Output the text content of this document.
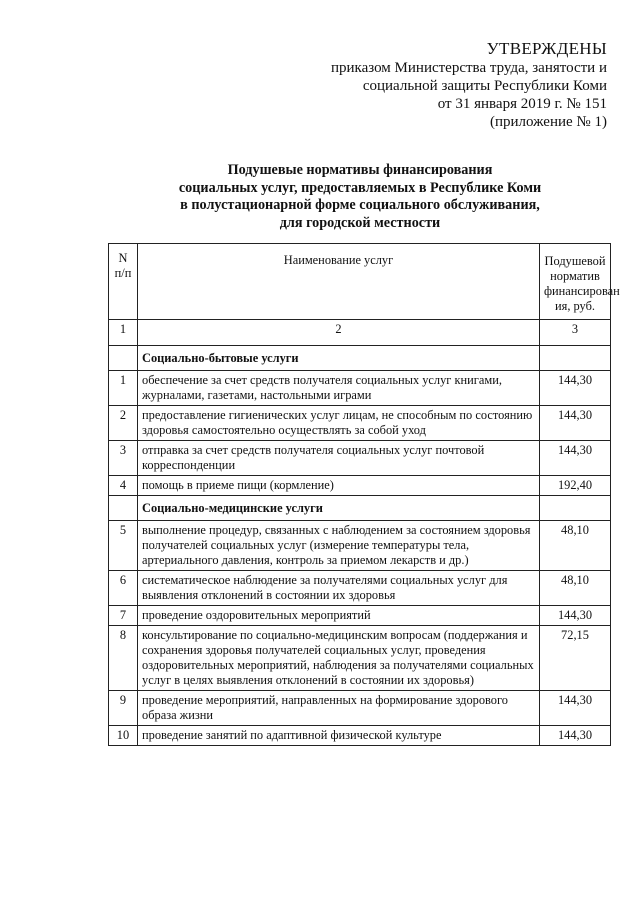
УТВЕРЖДЕНЫ
приказом Министерства труда, занятости и
социальной защиты Республики Коми
от 31 января 2019 г. № 151
(приложение № 1)
Подушевые нормативы финансирования
социальных услуг, предоставляемых в Республике Коми
в полустационарной форме социального обслуживания,
для городской местности
N п/п	Наименование услуг	Подушевой норматив финансирован ия, руб.
1	2	3
	Социально-бытовые услуги	
1	обеспечение за счет средств получателя социальных услуг книгами, журналами, газетами, настольными играми	144,30
2	предоставление гигиенических услуг лицам, не способным по состоянию здоровья самостоятельно осуществлять за собой уход	144,30
3	отправка за счет средств получателя социальных услуг почтовой корреспонденции	144,30
4	помощь в приеме пищи (кормление)	192,40
	Социально-медицинские услуги	
5	выполнение процедур, связанных с наблюдением за состоянием здоровья получателей социальных услуг (измерение температуры тела, артериального давления, контроль за приемом лекарств и др.)	48,10
6	систематическое наблюдение за получателями социальных услуг для выявления отклонений в состоянии их здоровья	48,10
7	проведение оздоровительных мероприятий	144,30
8	консультирование по социально-медицинским вопросам (поддержания и сохранения здоровья получателей социальных услуг, проведения оздоровительных мероприятий, наблюдения за получателями социальных услуг в целях выявления отклонений в состоянии их здоровья)	72,15
9	проведение мероприятий, направленных на формирование здорового образа жизни	144,30
10	проведение занятий по адаптивной физической культуре	144,30
